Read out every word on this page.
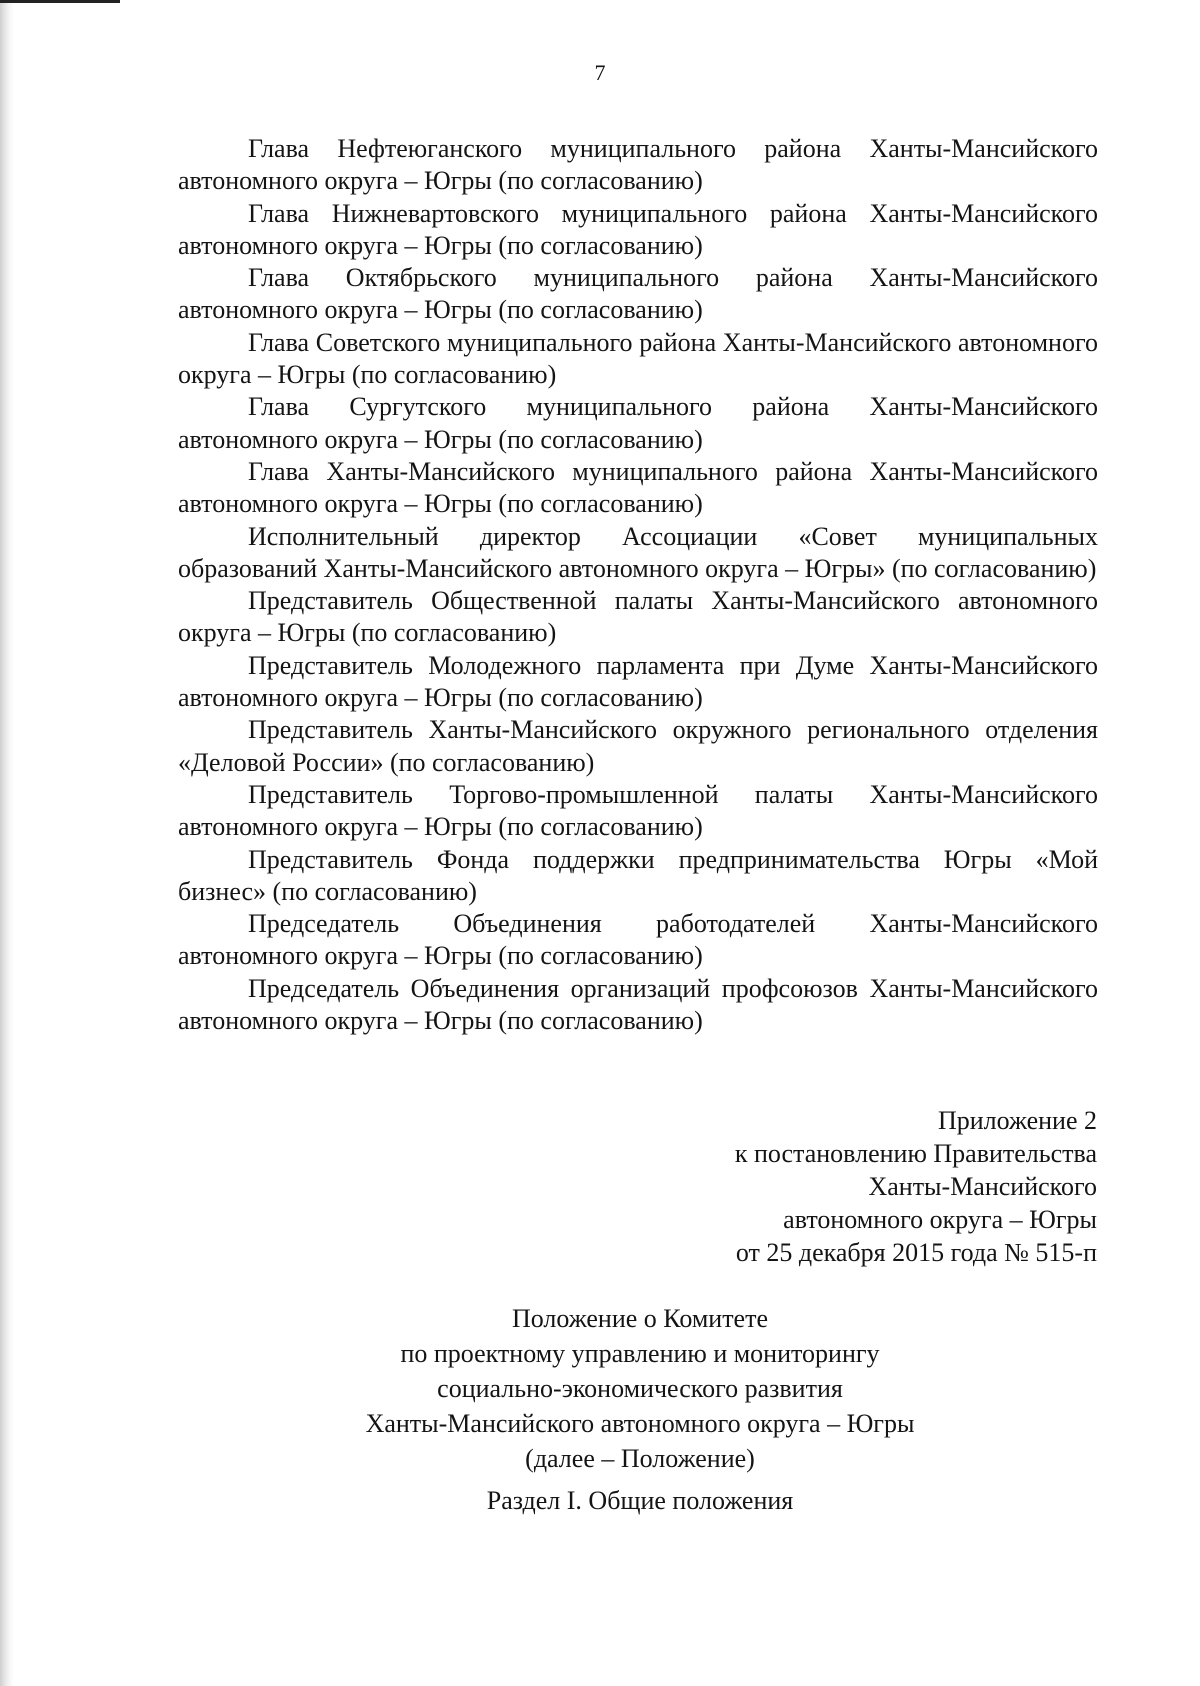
7

Глава Нефтеюганского муниципального района Ханты-Мансийского автономного округа – Югры (по согласованию)

Глава Нижневартовского муниципального района Ханты-Мансийского автономного округа – Югры (по согласованию)

Глава Октябрьского муниципального района Ханты-Мансийского автономного округа – Югры (по согласованию)

Глава Советского муниципального района Ханты-Мансийского автономного округа – Югры (по согласованию)

Глава Сургутского муниципального района Ханты-Мансийского автономного округа – Югры (по согласованию)

Глава Ханты-Мансийского муниципального района Ханты-Мансийского автономного округа – Югры (по согласованию)

Исполнительный директор Ассоциации «Совет муниципальных образований Ханты-Мансийского автономного округа – Югры» (по согласованию)

Представитель Общественной палаты Ханты-Мансийского автономного округа – Югры (по согласованию)

Представитель Молодежного парламента при Думе Ханты-Мансийского автономного округа – Югры (по согласованию)

Представитель Ханты-Мансийского окружного регионального отделения «Деловой России» (по согласованию)

Представитель Торгово-промышленной палаты Ханты-Мансийского автономного округа – Югры (по согласованию)

Представитель Фонда поддержки предпринимательства Югры «Мой бизнес» (по согласованию)

Председатель Объединения работодателей Ханты-Мансийского автономного округа – Югры (по согласованию)

Председатель Объединения организаций профсоюзов Ханты-Мансийского автономного округа – Югры (по согласованию)

Приложение 2
к постановлению Правительства
Ханты-Мансийского
автономного округа – Югры
от 25 декабря 2015 года № 515-п
Положение о Комитете
по проектному управлению и мониторингу
социально-экономического развития
Ханты-Мансийского автономного округа – Югры
(далее – Положение)
Раздел I. Общие положения
